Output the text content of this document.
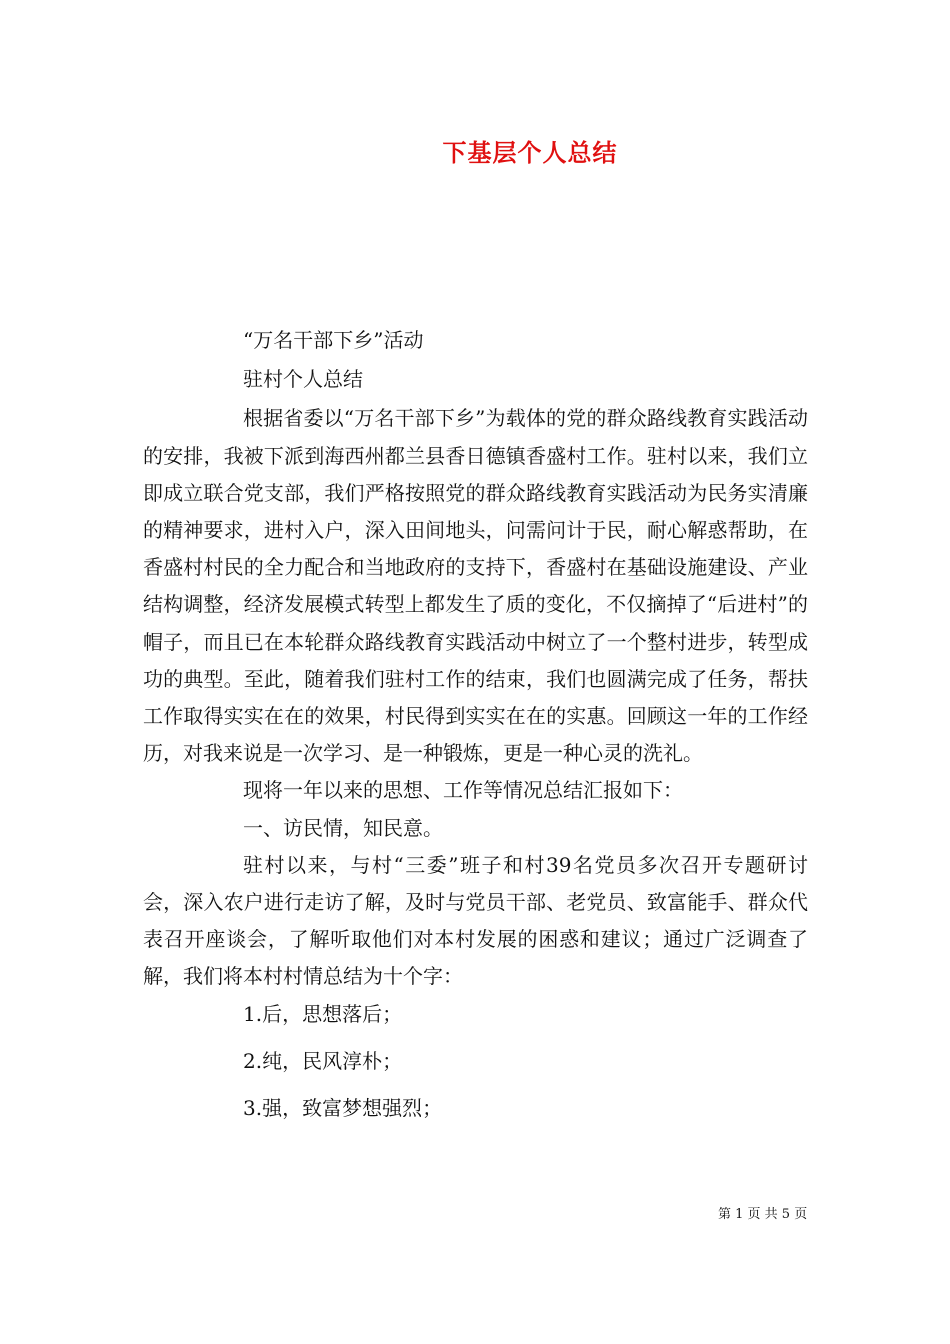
下基层个人总结

“万名干部下乡”活动

驻村个人总结

根据省委以“万名干部下乡”为载体的党的群众路线教育实践活动的安排，我被下派到海西州都兰县香日德镇香盛村工作。驻村以来，我们立即成立联合党支部，我们严格按照党的群众路线教育实践活动为民务实清廉的精神要求，进村入户，深入田间地头，问需问计于民，耐心解惑帮助，在香盛村村民的全力配合和当地政府的支持下，香盛村在基础设施建设、产业结构调整，经济发展模式转型上都发生了质的变化，不仅摘掉了“后进村”的帽子，而且已在本轮群众路线教育实践活动中树立了一个整村进步，转型成功的典型。至此，随着我们驻村工作的结束，我们也圆满完成了任务，帮扶工作取得实实在在的效果，村民得到实实在在的实惠。回顾这一年的工作经历，对我来说是一次学习、是一种锻炼，更是一种心灵的洗礼。

现将一年以来的思想、工作等情况总结汇报如下：

一、访民情，知民意。

驻村以来，与村“三委”班子和村39名党员多次召开专题研讨会，深入农户进行走访了解，及时与党员干部、老党员、致富能手、群众代表召开座谈会，了解听取他们对本村发展的困惑和建议；通过广泛调查了解，我们将本村村情总结为十个字：

1.后，思想落后；

2.纯，民风淳朴；

3.强，致富梦想强烈；

第 1 页 共 5 页
